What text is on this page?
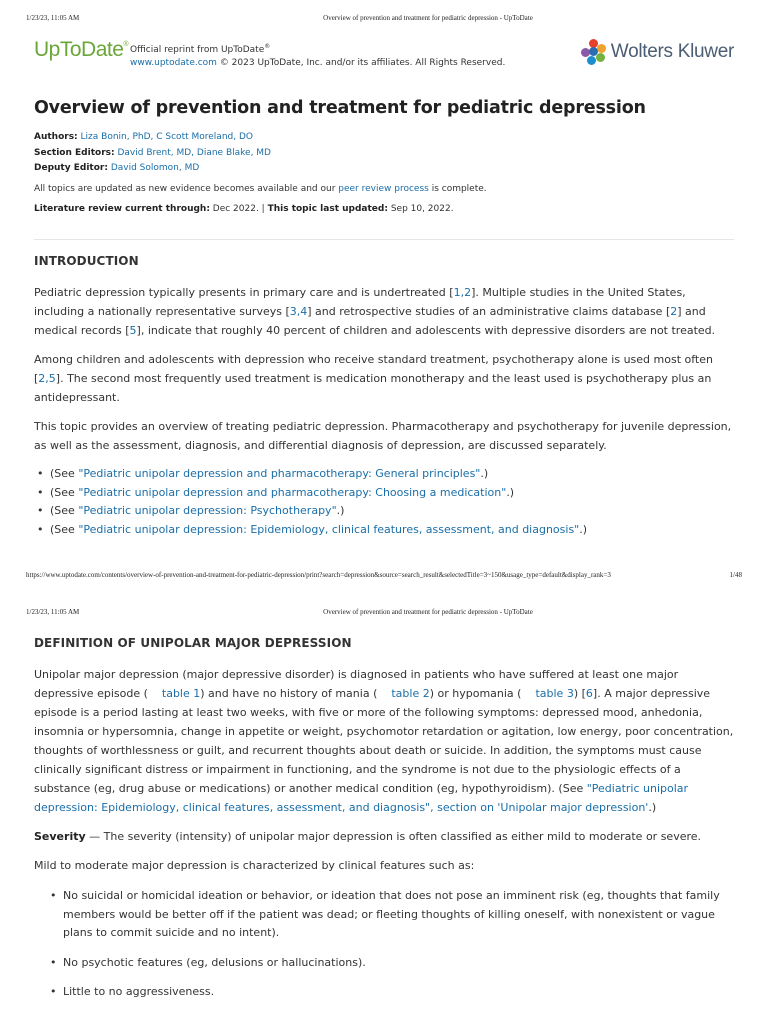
1/23/23, 11:05 AM	Overview of prevention and treatment for pediatric depression - UpToDate
UpToDate®
Official reprint from UpToDate®
www.uptodate.com © 2023 UpToDate, Inc. and/or its affiliates. All Rights Reserved.
Wolters Kluwer
Overview of prevention and treatment for pediatric depression
Authors: Liza Bonin, PhD, C Scott Moreland, DO
Section Editors: David Brent, MD, Diane Blake, MD
Deputy Editor: David Solomon, MD
All topics are updated as new evidence becomes available and our peer review process is complete.
Literature review current through: Dec 2022. | This topic last updated: Sep 10, 2022.
INTRODUCTION

Pediatric depression typically presents in primary care and is undertreated [1,2]. Multiple studies in the United States, including a nationally representative surveys [3,4] and retrospective studies of an administrative claims database [2] and medical records [5], indicate that roughly 40 percent of children and adolescents with depressive disorders are not treated.

Among children and adolescents with depression who receive standard treatment, psychotherapy alone is used most often [2,5]. The second most frequently used treatment is medication monotherapy and the least used is psychotherapy plus an antidepressant.

This topic provides an overview of treating pediatric depression. Pharmacotherapy and psychotherapy for juvenile depression, as well as the assessment, diagnosis, and differential diagnosis of depression, are discussed separately.

• (See "Pediatric unipolar depression and pharmacotherapy: General principles".)
• (See "Pediatric unipolar depression and pharmacotherapy: Choosing a medication".)
• (See "Pediatric unipolar depression: Psychotherapy".)
• (See "Pediatric unipolar depression: Epidemiology, clinical features, assessment, and diagnosis".)
https://www.uptodate.com/contents/overview-of-prevention-and-treatment-for-pediatric-depression/print?search=depression&source=search_result&selectedTitle=3~150&usage_type=default&display_rank=3	1/48
1/23/23, 11:05 AM	Overview of prevention and treatment for pediatric depression - UpToDate
DEFINITION OF UNIPOLAR MAJOR DEPRESSION

Unipolar major depression (major depressive disorder) is diagnosed in patients who have suffered at least one major depressive episode ( table 1) and have no history of mania ( table 2) or hypomania ( table 3) [6]. A major depressive episode is a period lasting at least two weeks, with five or more of the following symptoms: depressed mood, anhedonia, insomnia or hypersomnia, change in appetite or weight, psychomotor retardation or agitation, low energy, poor concentration, thoughts of worthlessness or guilt, and recurrent thoughts about death or suicide. In addition, the symptoms must cause clinically significant distress or impairment in functioning, and the syndrome is not due to the physiologic effects of a substance (eg, drug abuse or medications) or another medical condition (eg, hypothyroidism). (See "Pediatric unipolar depression: Epidemiology, clinical features, assessment, and diagnosis", section on 'Unipolar major depression'.)

Severity — The severity (intensity) of unipolar major depression is often classified as either mild to moderate or severe.

Mild to moderate major depression is characterized by clinical features such as:

• No suicidal or homicidal ideation or behavior, or ideation that does not pose an imminent risk (eg, thoughts that family members would be better off if the patient was dead; or fleeting thoughts of killing oneself, with nonexistent or vague plans to commit suicide and no intent).
• No psychotic features (eg, delusions or hallucinations).
• Little to no aggressiveness.
